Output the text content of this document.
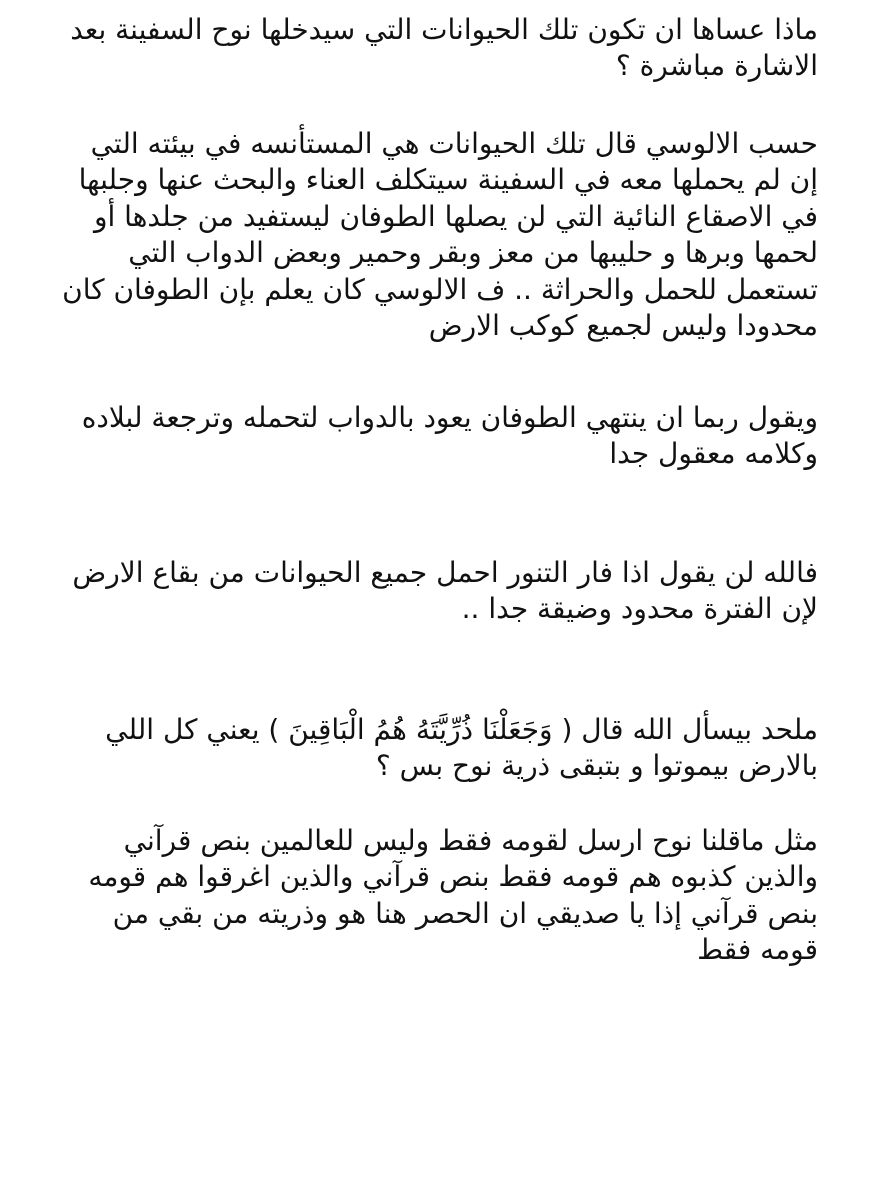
ماذا عساها ان تكون تلك الحيوانات التي سيدخلها نوح السفينة بعد
الاشارة مباشرة ؟

حسب الالوسي قال تلك الحيوانات هي المستأنسه في بيئته التي
إن لم يحملها معه في السفينة سيتكلف العناء والبحث عنها وجلبها
في الاصقاع النائية التي لن يصلها الطوفان ليستفيد من جلدها أو
لحمها وبرها و حليبها من معز وبقر وحمير وبعض الدواب التي
تستعمل للحمل والحراثة .. ف الالوسي كان يعلم بإن الطوفان كان
محدودا وليس لجميع كوكب الارض

ويقول ربما ان ينتهي الطوفان يعود بالدواب لتحمله وترجعة لبلاده
وكلامه معقول جدا

فالله لن يقول اذا فار التنور احمل جميع الحيوانات من بقاع الارض
لإن الفترة محدود وضيقة جدا ..

ملحد بيسأل الله قال ( وَجَعَلْنَا ذُرِّيَّتَهُ هُمُ الْبَاقِينَ ) يعني كل اللي
بالارض بيموتوا و بتبقى ذرية نوح بس ؟

مثل ماقلنا نوح ارسل لقومه فقط وليس للعالمين بنص قرآني
والذين كذبوه هم قومه فقط بنص قرآني والذين اغرقوا هم قومه
بنص قرآني إذا يا صديقي ان الحصر هنا هو وذريته من بقي من
قومه فقط
